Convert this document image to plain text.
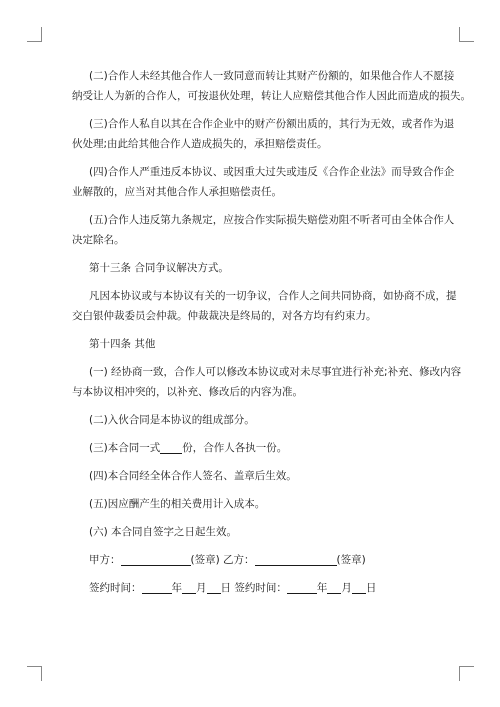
(二)合作人未经其他合作人一致同意而转让其财产份额的，如果他合作人不愿接
纳受让人为新的合作人，可按退伙处理，转让人应赔偿其他合作人因此而造成的损失。
(三)合作人私自以其在合作企业中的财产份额出质的，其行为无效，或者作为退
伙处理;由此给其他合作人造成损失的，承担赔偿责任。
(四)合作人严重违反本协议、或因重大过失或违反《合作企业法》而导致合作企
业解散的，应当对其他合作人承担赔偿责任。
(五)合作人违反第九条规定，应按合作实际损失赔偿劝阻不听者可由全体合作人
决定除名。
第十三条 合同争议解决方式。
凡因本协议或与本协议有关的一切争议，合作人之间共同协商，如协商不成，提
交白银仲裁委员会仲裁。仲裁裁决是终局的，对各方均有约束力。
第十四条 其他
(一) 经协商一致，合作人可以修改本协议或对未尽事宜进行补充;补充、修改内容
与本协议相冲突的，以补充、修改后的内容为准。
(二)入伙合同是本协议的组成部分。
(三)本合同一式 份，合作人各执一份。
(四)本合同经全体合作人签名、盖章后生效。
(五)因应酬产生的相关费用计入成本。
(六) 本合同自签字之日起生效。
甲方：	(签章) 乙方：	(签章)
签约时间：	年 月 日 签约时间：	年 月 日
